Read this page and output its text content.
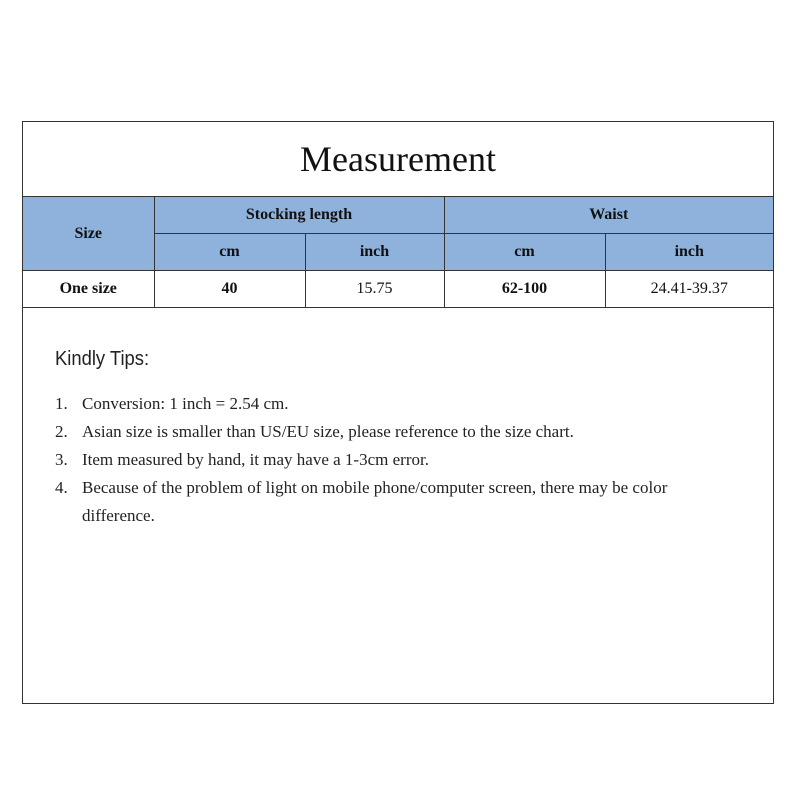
Measurement
Size	Stocking length		Waist	
	cm	inch	cm	inch
One size	40	15.75	62-100	24.41-39.37
Kindly Tips:
1. Conversion: 1 inch = 2.54 cm.
2. Asian size is smaller than US/EU size, please reference to the size chart.
3. Item measured by hand, it may have a 1-3cm error.
4. Because of the problem of light on mobile phone/computer screen, there may be color difference.
